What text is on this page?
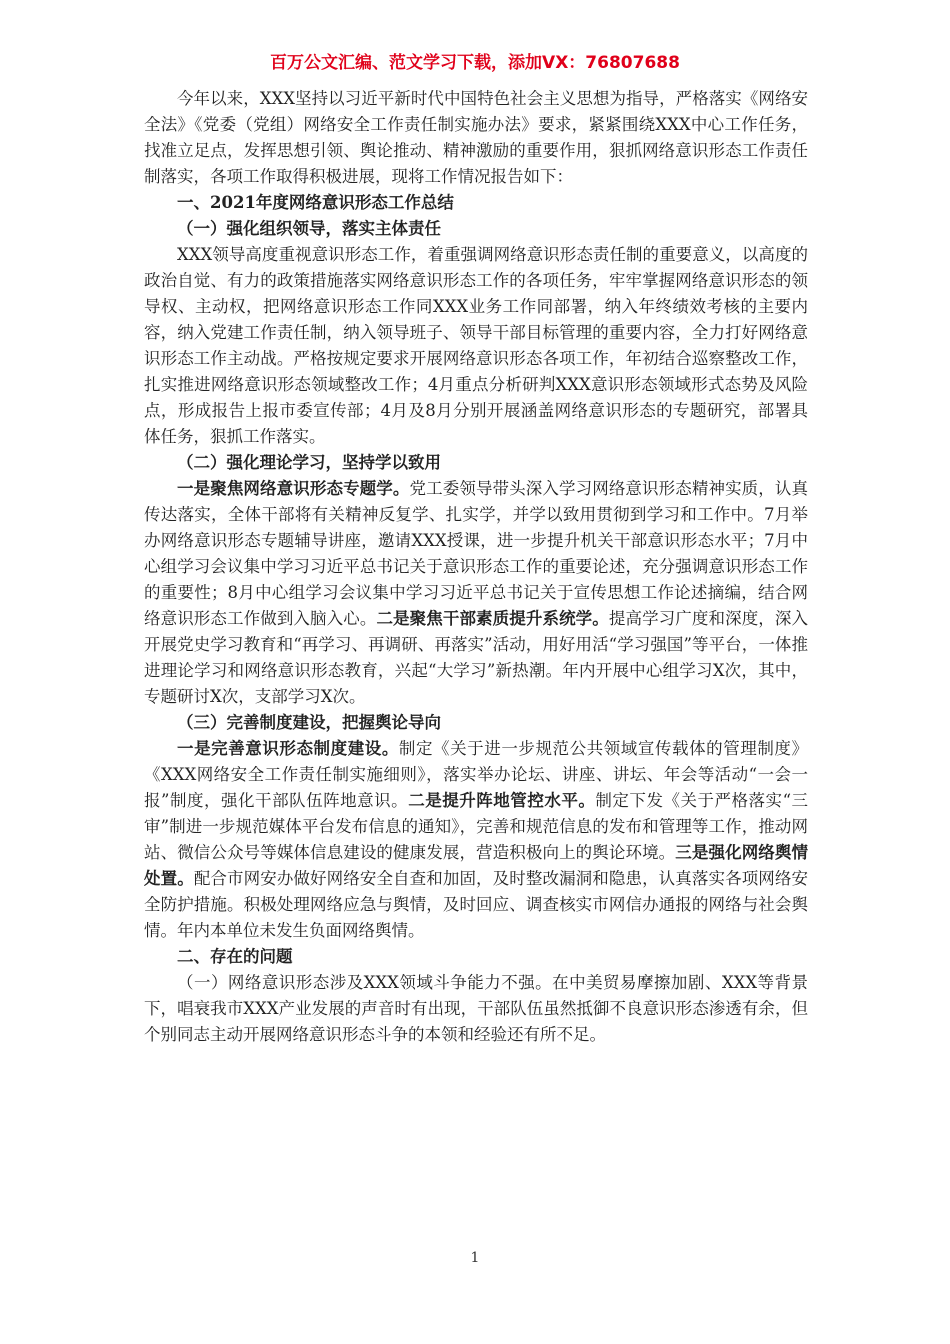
百万公文汇编、范文学习下载，添加VX：76807688

今年以来，XXX坚持以习近平新时代中国特色社会主义思想为指导，严格落实《网络安全法》《党委（党组）网络安全工作责任制实施办法》要求，紧紧围绕XXX中心工作任务，找准立足点，发挥思想引领、舆论推动、精神激励的重要作用，狠抓网络意识形态工作责任制落实，各项工作取得积极进展，现将工作情况报告如下：

一、2021年度网络意识形态工作总结

（一）强化组织领导，落实主体责任

XXX领导高度重视意识形态工作，着重强调网络意识形态责任制的重要意义，以高度的政治自觉、有力的政策措施落实网络意识形态工作的各项任务，牢牢掌握网络意识形态的领导权、主动权，把网络意识形态工作同XXX业务工作同部署，纳入年终绩效考核的主要内容，纳入党建工作责任制，纳入领导班子、领导干部目标管理的重要内容，全力打好网络意识形态工作主动战。严格按规定要求开展网络意识形态各项工作，年初结合巡察整改工作，扎实推进网络意识形态领域整改工作；4月重点分析研判XXX意识形态领域形式态势及风险点，形成报告上报市委宣传部；4月及8月分别开展涵盖网络意识形态的专题研究，部署具体任务，狠抓工作落实。

（二）强化理论学习，坚持学以致用

一是聚焦网络意识形态专题学。党工委领导带头深入学习网络意识形态精神实质，认真传达落实，全体干部将有关精神反复学、扎实学，并学以致用贯彻到学习和工作中。7月举办网络意识形态专题辅导讲座，邀请XXX授课，进一步提升机关干部意识形态水平；7月中心组学习会议集中学习习近平总书记关于意识形态工作的重要论述，充分强调意识形态工作的重要性；8月中心组学习会议集中学习习近平总书记关于宣传思想工作论述摘编，结合网络意识形态工作做到入脑入心。二是聚焦干部素质提升系统学。提高学习广度和深度，深入开展党史学习教育和“再学习、再调研、再落实”活动，用好用活“学习强国”等平台，一体推进理论学习和网络意识形态教育，兴起“大学习”新热潮。年内开展中心组学习X次，其中，专题研讨X次，支部学习X次。

（三）完善制度建设，把握舆论导向

一是完善意识形态制度建设。制定《关于进一步规范公共领域宣传载体的管理制度》《XXX网络安全工作责任制实施细则》，落实举办论坛、讲座、讲坛、年会等活动“一会一报”制度，强化干部队伍阵地意识。二是提升阵地管控水平。制定下发《关于严格落实“三审”制进一步规范媒体平台发布信息的通知》，完善和规范信息的发布和管理等工作，推动网站、微信公众号等媒体信息建设的健康发展，营造积极向上的舆论环境。三是强化网络舆情处置。配合市网安办做好网络安全自查和加固，及时整改漏洞和隐患，认真落实各项网络安全防护措施。积极处理网络应急与舆情，及时回应、调查核实市网信办通报的网络与社会舆情。年内本单位未发生负面网络舆情。

二、存在的问题

（一）网络意识形态涉及XXX领域斗争能力不强。在中美贸易摩擦加剧、XXX等背景下，唱衰我市XXX产业发展的声音时有出现，干部队伍虽然抵御不良意识形态渗透有余，但个别同志主动开展网络意识形态斗争的本领和经验还有所不足。

1
